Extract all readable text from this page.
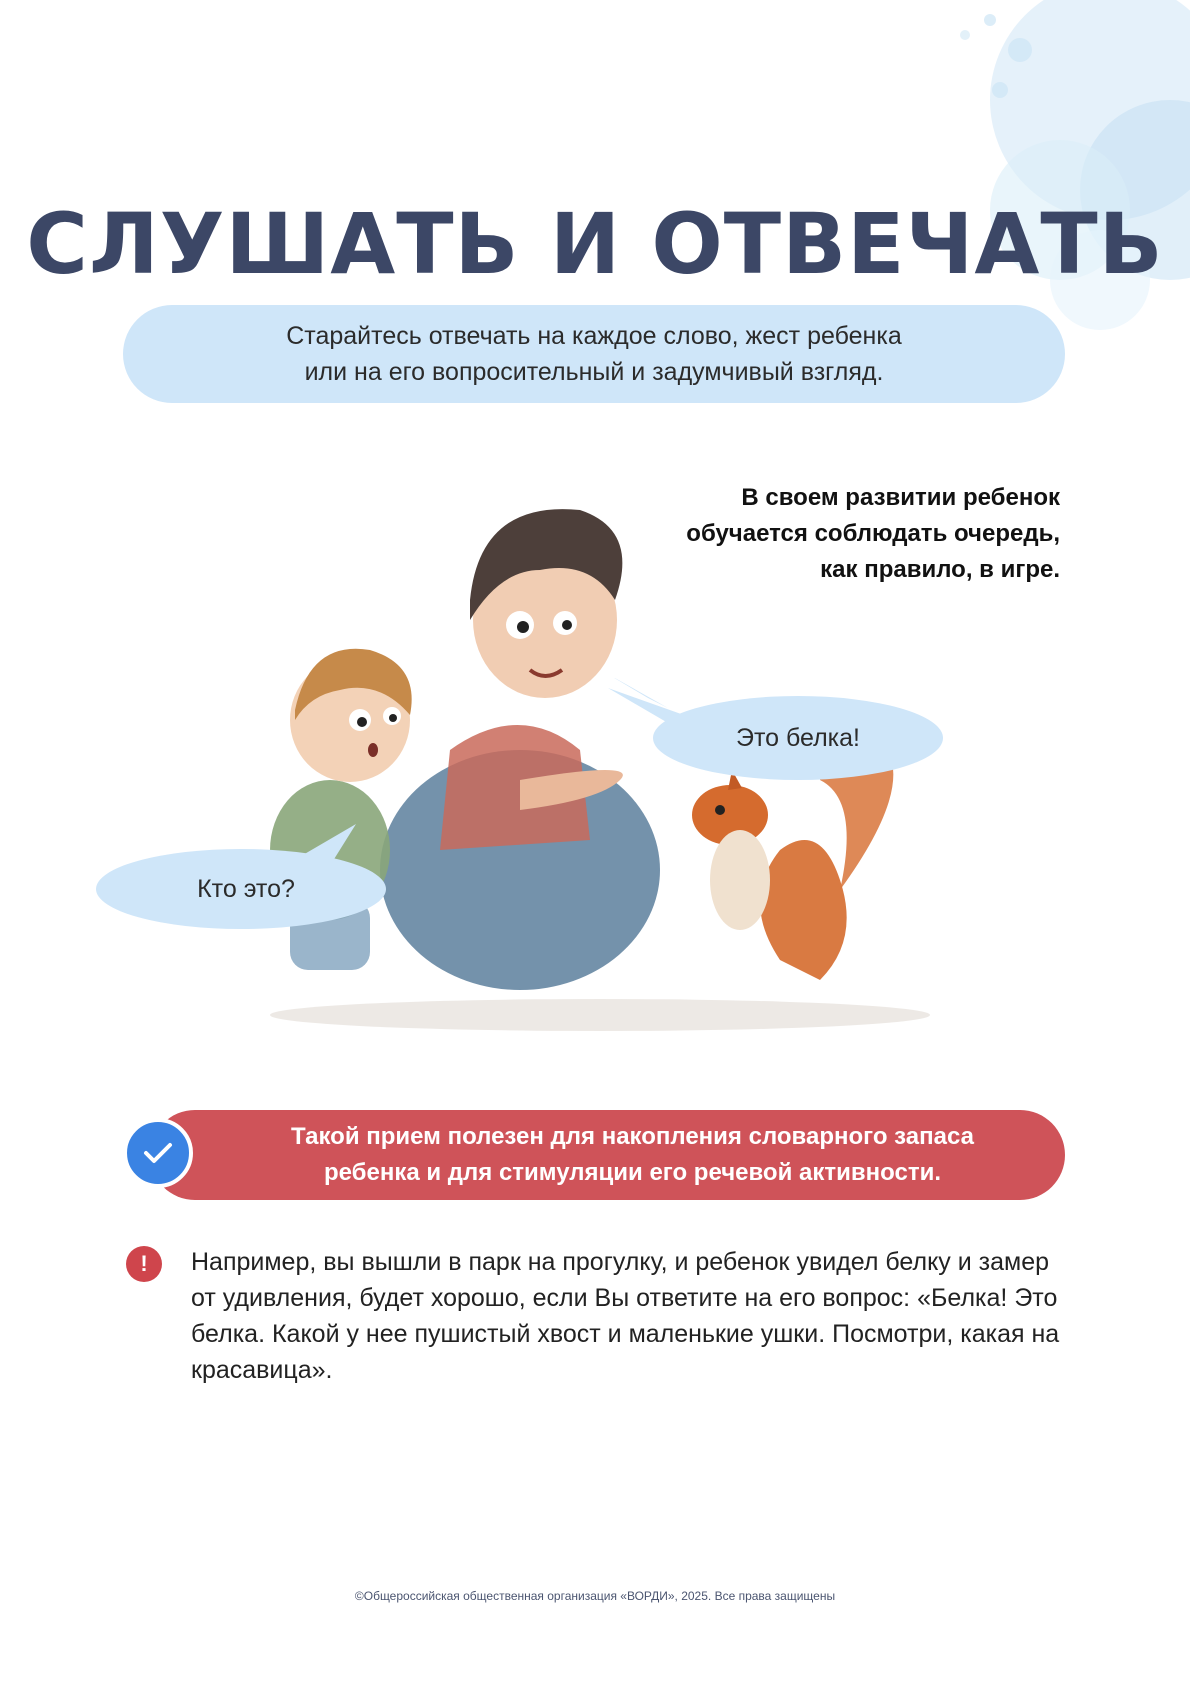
СЛУШАТЬ И ОТВЕЧАТЬ
Старайтесь отвечать на каждое слово, жест ребенка
или на его вопросительный и задумчивый взгляд.
В своем развитии ребенок
обучается соблюдать очередь,
как правило, в игре.
Это белка!
Кто это?
Такой прием полезен для накопления словарного запаса
ребенка и для стимуляции его речевой активности.
!	Например, вы вышли в парк на прогулку, и ребенок увидел белку и замер от удивления, будет хорошо, если Вы ответите на его вопрос: «Белка! Это белка. Какой у нее пушистый хвост и маленькие ушки. Посмотри, какая на красавица».
©Общероссийская общественная организация «ВОРДИ», 2025. Все права защищены
